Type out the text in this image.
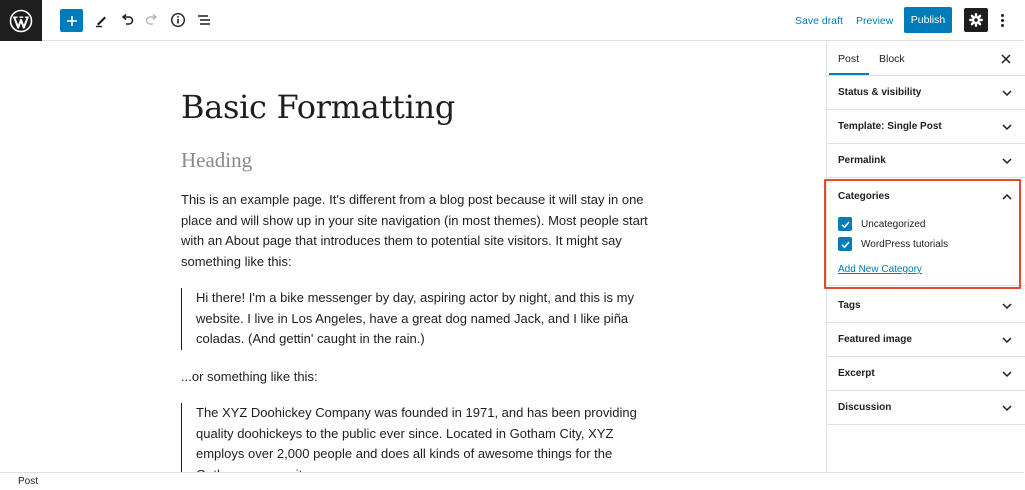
Save draft Preview	Publish
Basic Formatting
Heading
This is an example page. It's different from a blog post because it will stay in one place and will show up in your site navigation (in most themes). Most people start with an About page that introduces them to potential site visitors. It might say something like this:
Hi there! I'm a bike messenger by day, aspiring actor by night, and this is my website. I live in Los Angeles, have a great dog named Jack, and I like piña coladas. (And gettin' caught in the rain.)
...or something like this:
The XYZ Doohickey Company was founded in 1971, and has been providing quality doohickeys to the public ever since. Located in Gotham City, XYZ employs over 2,000 people and does all kinds of awesome things for the
Post Block
Status & visibility
Template: Single Post
Permalink
Categories
Uncategorized
WordPress tutorials
Add New Category
Tags
Featured image
Excerpt
Discussion
Post
